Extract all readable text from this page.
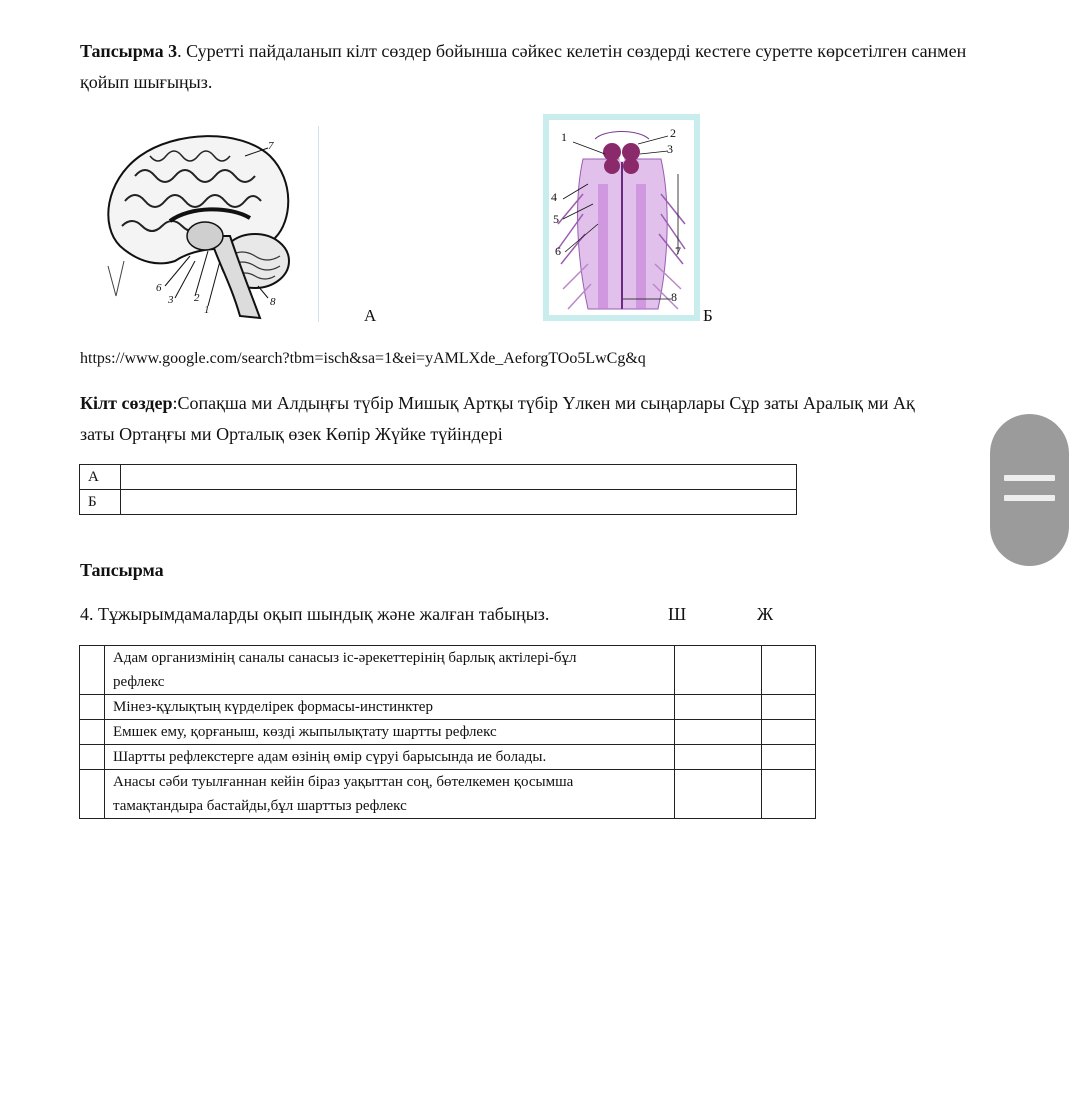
Тапсырма 3. Суретті пайдаланып кілт сөздер бойынша сәйкес келетін сөздерді кестеге суретте көрсетілген санмен қойып шығыңыз.
7
6
3 2
1
8
А
1	2
3
4
5
6	7
8
Б
https://www.google.com/search?tbm=isch&sa=1&ei=yAMLXde_AeforgTOo5LwCg&q
Кілт сөздер:Сопақша ми Алдыңғы түбір Мишық Артқы түбір Үлкен ми сыңарлары Сұр заты Аралық ми Ақ
заты Ортаңғы ми Орталық өзек Көпір Жүйке түйіндері
А	
Б	
Тапсырма
4. Тұжырымдамаларды оқып шындық және жалған табыңыз.	Ш	Ж
	Адам организмінің саналы санасыз іс-әрекеттерінің барлық актілері-бұл
рефлекс		
	Мінез-құлықтың күрделірек формасы-инстинктер		
	Емшек ему, қорғаныш, көзді жыпылықтату шартты рефлекс		
	Шартты рефлекстерге адам өзінің өмір сүруі барысында ие болады.		
	Анасы сәби туылғаннан кейін біраз уақыттан соң, бөтелкемен қосымша
тамақтандыра бастайды,бұл шарттыз рефлекс		
